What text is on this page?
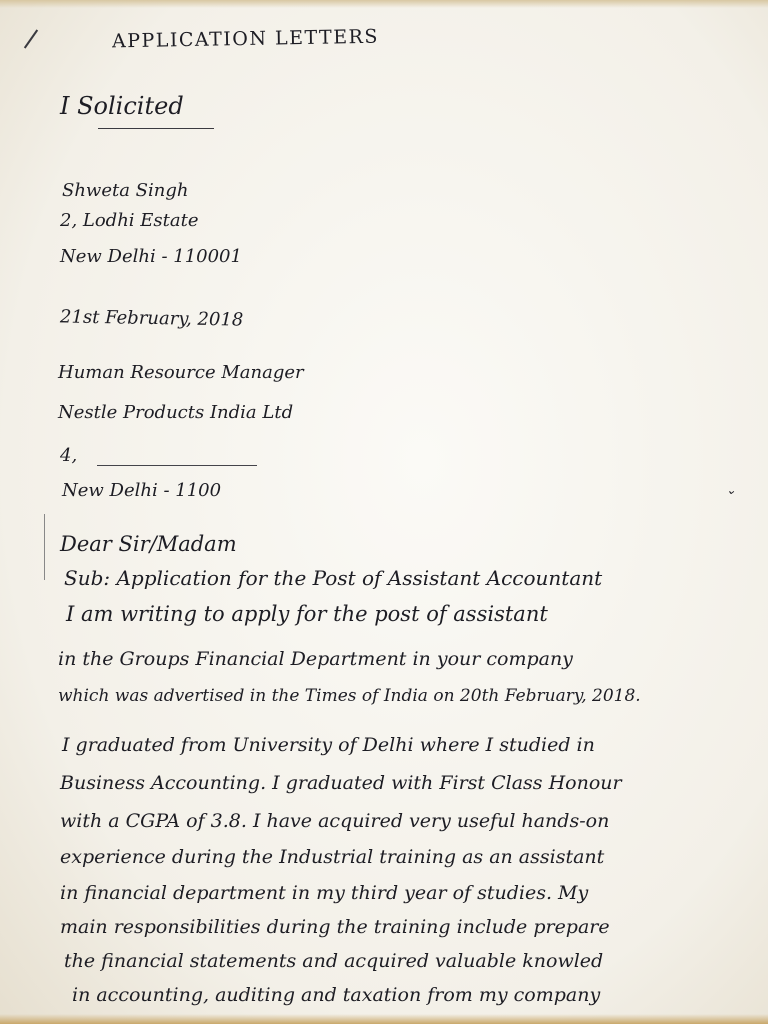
APPLICATION LETTERS
I Solicited
Shweta Singh
2, Lodhi Estate
New Delhi - 110001
21st February, 2018
Human Resource Manager
Nestle Products India Ltd
4,
New Delhi - 1100	⌄
Dear Sir/Madam
Sub: Application for the Post of Assistant Accountant
I am writing to apply for the post of assistant
in the Groups Financial Department in your company
which was advertised in the Times of India on 20th February, 2018.
I graduated from University of Delhi where I studied in
Business Accounting. I graduated with First Class Honour
with a CGPA of 3.8. I have acquired very useful hands-on
experience during the Industrial training as an assistant
in financial department in my third year of studies. My
main responsibilities during the training include prepare
the financial statements and acquired valuable knowled
in accounting, auditing and taxation from my company
